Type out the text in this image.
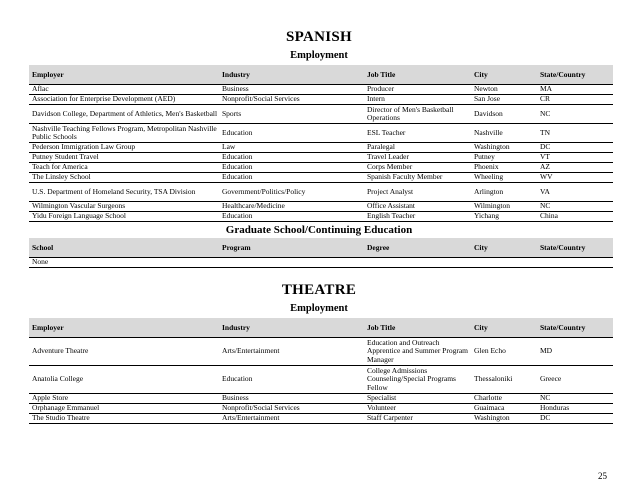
SPANISH
Employment
Employer	Industry	Job Title	City	State/Country
Aflac	Business	Producer	Newton	MA
Association for Enterprise Development (AED)	Nonprofit/Social Services	Intern	San Jose	CR
Davidson College, Department of Athletics, Men's Basketball	Sports	Director of Men's Basketball Operations	Davidson	NC
Nashville Teaching Fellows Program, Metropolitan Nashville Public Schools	Education	ESL Teacher	Nashville	TN
Pederson Immigration Law Group	Law	Paralegal	Washington	DC
Putney Student Travel	Education	Travel Leader	Putney	VT
Teach for America	Education	Corps Member	Phoenix	AZ
The Linsley School	Education	Spanish Faculty Member	Wheeling	WV
U.S. Department of Homeland Security, TSA Division	Government/Politics/Policy	Project Analyst	Arlington	VA
Wilmington Vascular Surgeons	Healthcare/Medicine	Office Assistant	Wilmington	NC
Yidu Foreign Language School	Education	English Teacher	Yichang	China
Graduate School/Continuing Education
School	Program	Degree	City	State/Country
None				
THEATRE
Employment
Employer	Industry	Job Title	City	State/Country
Adventure Theatre	Arts/Entertainment	Education and Outreach Apprentice and Summer Program Manager	Glen Echo	MD
Anatolia College	Education	College Admissions Counseling/Special Programs Fellow	Thessaloniki	Greece
Apple Store	Business	Specialist	Charlotte	NC
Orphanage Emmanuel	Nonprofit/Social Services	Volunteer	Guaimaca	Honduras
The Studio Theatre	Arts/Entertainment	Staff Carpenter	Washington	DC
25
